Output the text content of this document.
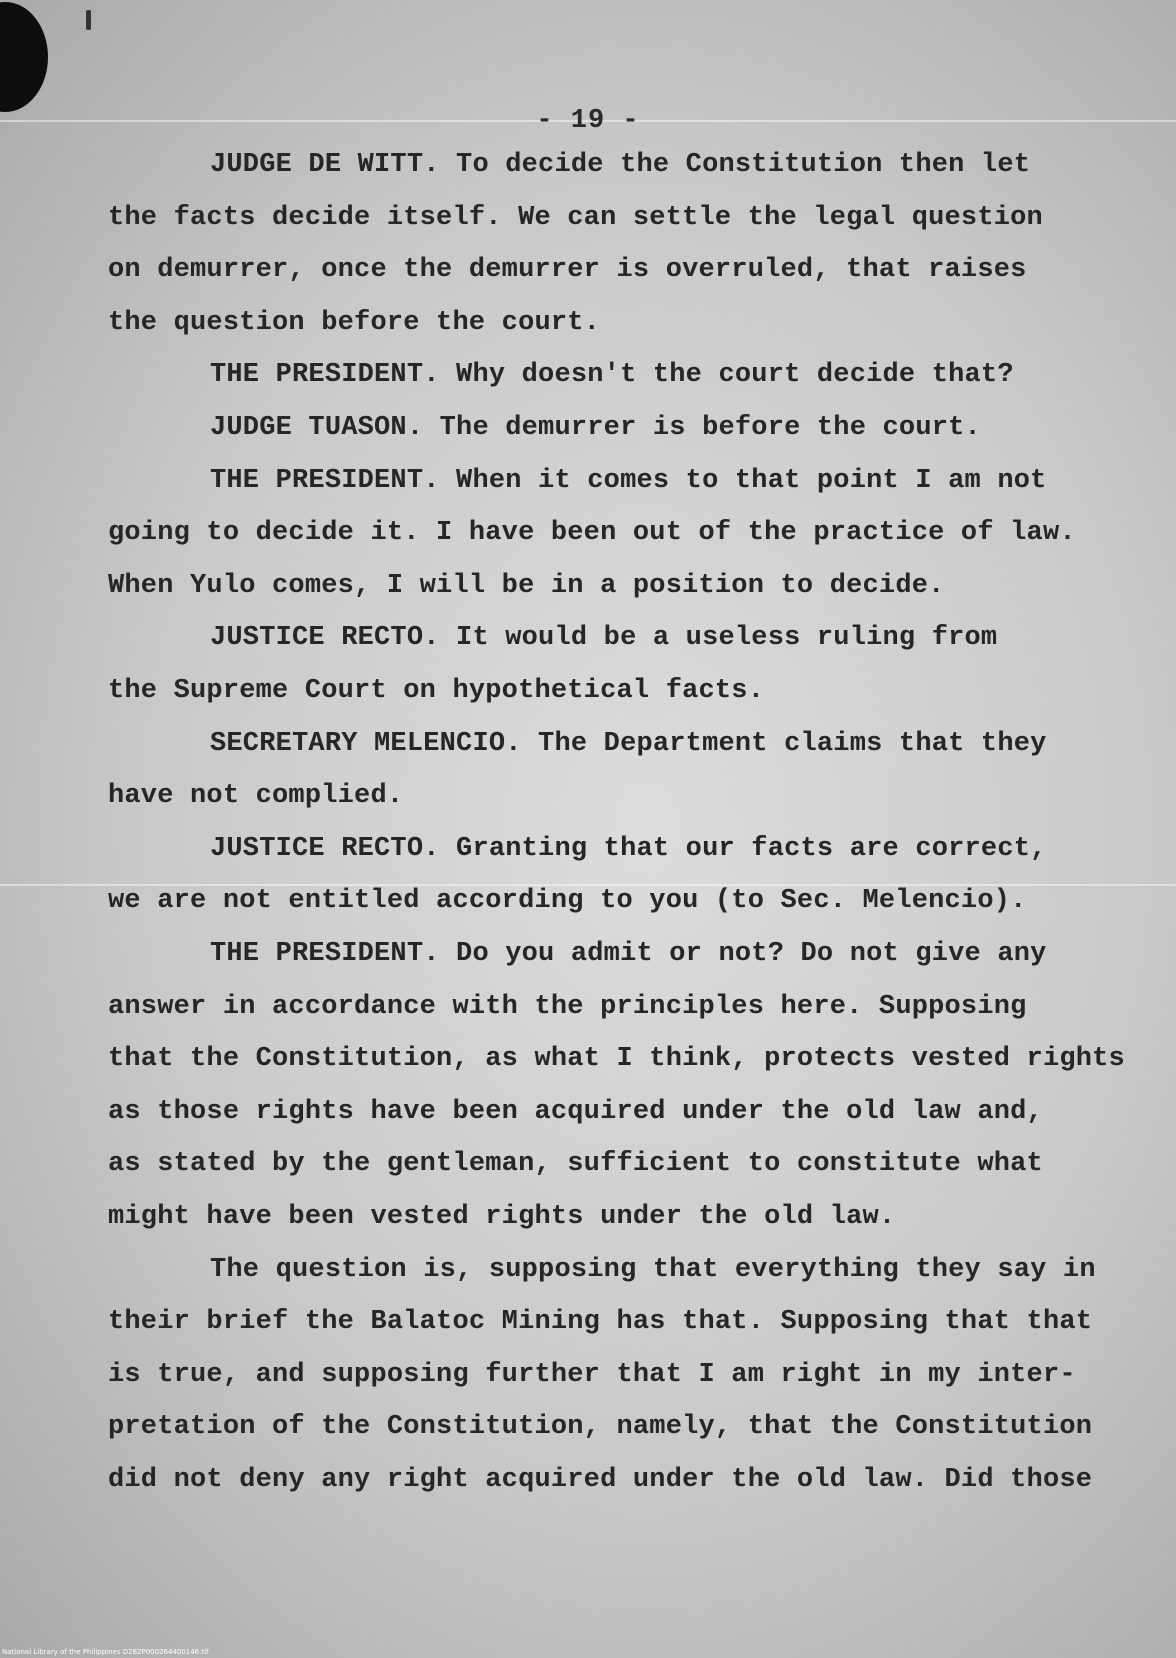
- 19 -
JUDGE DE WITT. To decide the Constitution then let
the facts decide itself. We can settle the legal question
on demurrer, once the demurrer is overruled, that raises
the question before the court.
THE PRESIDENT. Why doesn't the court decide that?
JUDGE TUASON. The demurrer is before the court.
THE PRESIDENT. When it comes to that point I am not
going to decide it. I have been out of the practice of law.
When Yulo comes, I will be in a position to decide.
JUSTICE RECTO. It would be a useless ruling from
the Supreme Court on hypothetical facts.
SECRETARY MELENCIO. The Department claims that they
have not complied.
JUSTICE RECTO. Granting that our facts are correct,
we are not entitled according to you (to Sec. Melencio).
THE PRESIDENT. Do you admit or not? Do not give any
answer in accordance with the principles here. Supposing
that the Constitution, as what I think, protects vested rights
as those rights have been acquired under the old law and,
as stated by the gentleman, sufficient to constitute what
might have been vested rights under the old law.
The question is, supposing that everything they say in
their brief the Balatoc Mining has that. Supposing that that
is true, and supposing further that I am right in my inter-
pretation of the Constitution, namely, that the Constitution
did not deny any right acquired under the old law. Did those
National Library of the Philippines D282P000264400146.tif
